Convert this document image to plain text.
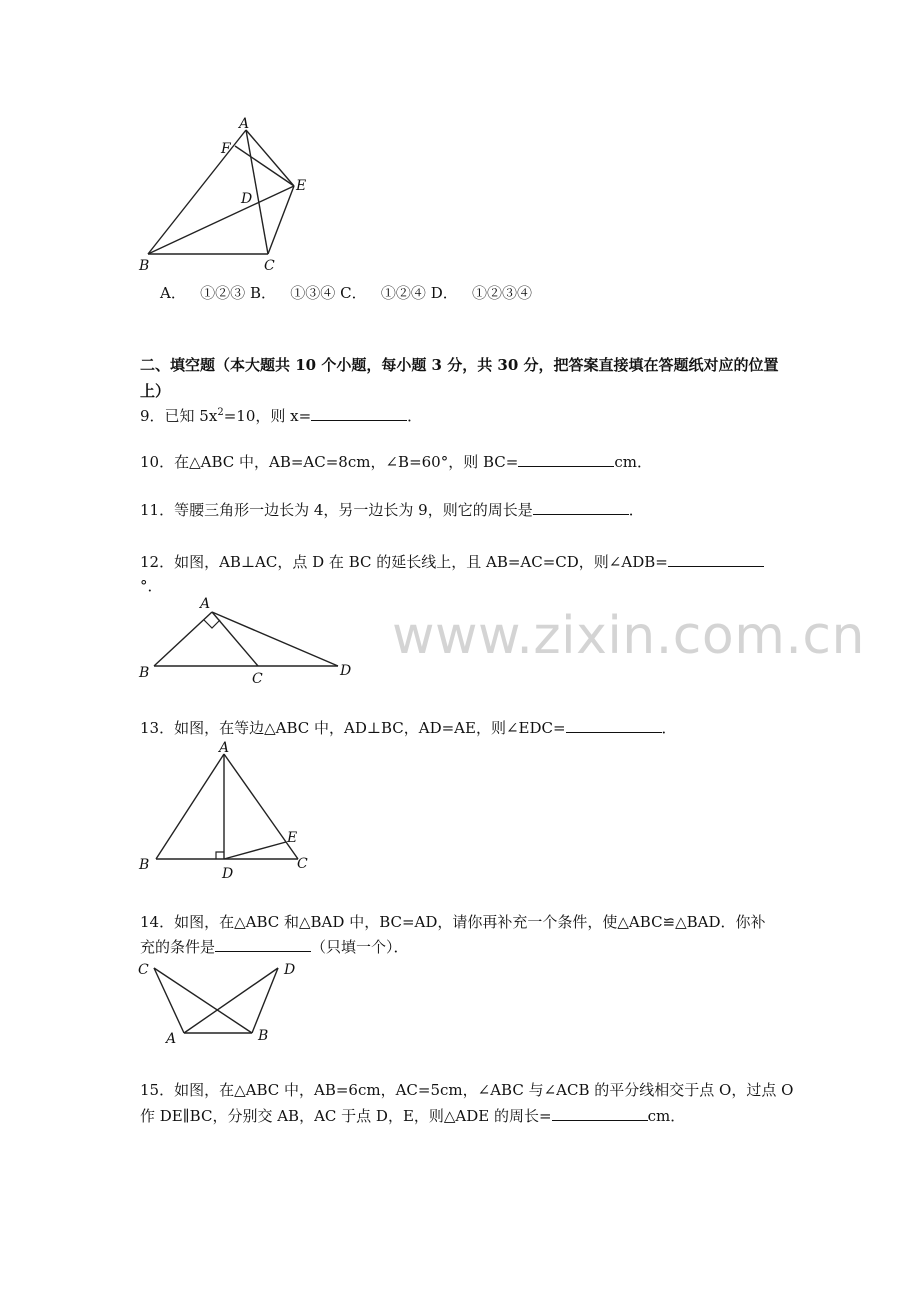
A
F
E
D
B	C
A． ①②③ B． ①③④ C． ①②④ D． ①②③④
二、填空题（本大题共 10 个小题，每小题 3 分，共 30 分，把答案直接填在答题纸对应的位置上）
9．已知 $5x^2=10$，则 x=	．
10．在△ABC 中，AB=AC=8cm，∠B=60°，则 BC=	cm．
11．等腰三角形一边长为 4，另一边长为 9，则它的周长是	．
12．如图，AB⊥AC，点 D 在 BC 的延长线上，且 AB=AC=CD，则∠ADB=
°．
A
B	C	D
13．如图，在等边△ABC 中，AD⊥BC，AD=AE，则∠EDC=	．
A
B
D
E
C
14．如图，在△ABC 和△BAD 中，BC=AD，请你再补充一个条件，使△ABC≌△BAD．你补
充的条件是	（只填一个）．
C	D
A	B
15．如图，在△ABC 中，AB=6cm，AC=5cm，∠ABC 与∠ACB 的平分线相交于点 O，过点 O
作 DE∥BC，分别交 AB，AC 于点 D，E，则△ADE 的周长=	cm．
www.zixin.com.cn
